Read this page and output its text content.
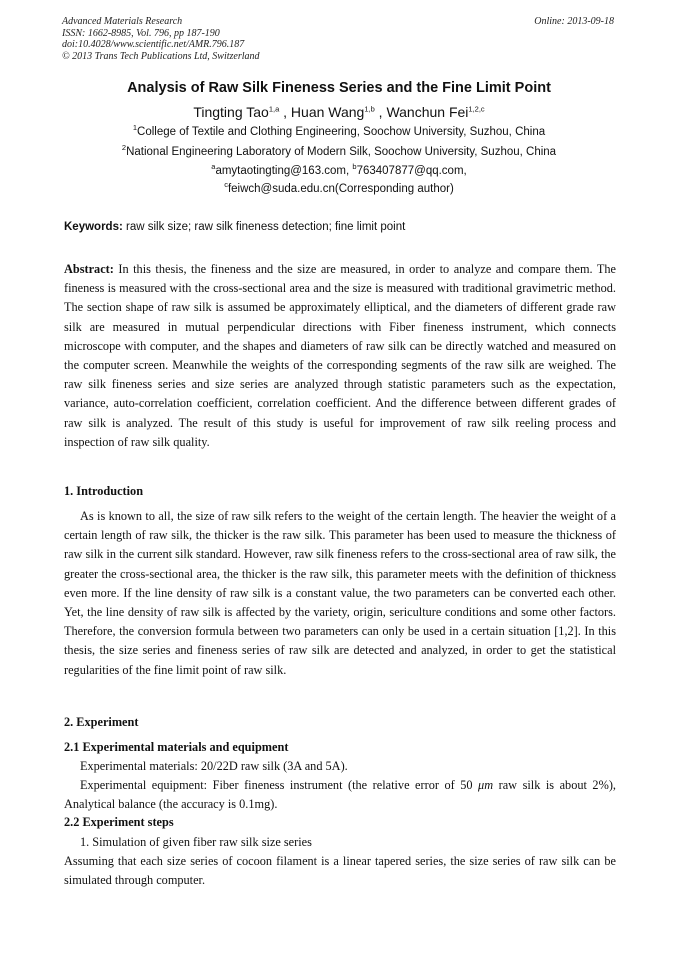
Advanced Materials Research
ISSN: 1662-8985, Vol. 796, pp 187-190
doi:10.4028/www.scientific.net/AMR.796.187
© 2013 Trans Tech Publications Ltd, Switzerland
Online: 2013-09-18
Analysis of Raw Silk Fineness Series and the Fine Limit Point
Tingting Tao$^{1,a}$ , Huan Wang$^{1,b}$ , Wanchun Fei$^{1,2,c}$
$^1$College of Textile and Clothing Engineering, Soochow University, Suzhou, China
$^2$National Engineering Laboratory of Modern Silk, Soochow University, Suzhou, China
$^a$amytaotingting@163.com, $^b$763407877@qq.com,
$^c$feiwch@suda.edu.cn(Corresponding author)
Keywords: raw silk size; raw silk fineness detection; fine limit point
Abstract: In this thesis, the fineness and the size are measured, in order to analyze and compare them. The fineness is measured with the cross-sectional area and the size is measured with traditional gravimetric method. The section shape of raw silk is assumed be approximately elliptical, and the diameters of different grade raw silk are measured in mutual perpendicular directions with Fiber fineness instrument, which connects microscope with computer, and the shapes and diameters of raw silk can be directly watched and measured on the computer screen. Meanwhile the weights of the corresponding segments of the raw silk are weighed. The raw silk fineness series and size series are analyzed through statistic parameters such as the expectation, variance, auto-correlation coefficient, correlation coefficient. And the difference between different grades of raw silk is analyzed. The result of this study is useful for improvement of raw silk reeling process and inspection of raw silk quality.
1. Introduction
As is known to all, the size of raw silk refers to the weight of the certain length. The heavier the weight of a certain length of raw silk, the thicker is the raw silk. This parameter has been used to measure the thickness of raw silk in the current silk standard. However, raw silk fineness refers to the cross-sectional area of raw silk, the greater the cross-sectional area, the thicker is the raw silk, this parameter meets with the definition of thickness even more. If the line density of raw silk is a constant value, the two parameters can be converted each other. Yet, the line density of raw silk is affected by the variety, origin, sericulture conditions and some other factors. Therefore, the conversion formula between two parameters can only be used in a certain situation [1,2]. In this thesis, the size series and fineness series of raw silk are detected and analyzed, in order to get the statistical regularities of the fine limit point of raw silk.
2. Experiment
2.1 Experimental materials and equipment
Experimental materials: 20/22D raw silk (3A and 5A).
Experimental equipment: Fiber fineness instrument (the relative error of 50 μm raw silk is about 2%), Analytical balance (the accuracy is 0.1mg).
2.2 Experiment steps
1. Simulation of given fiber raw silk size series
Assuming that each size series of cocoon filament is a linear tapered series, the size series of raw silk can be simulated through computer.
